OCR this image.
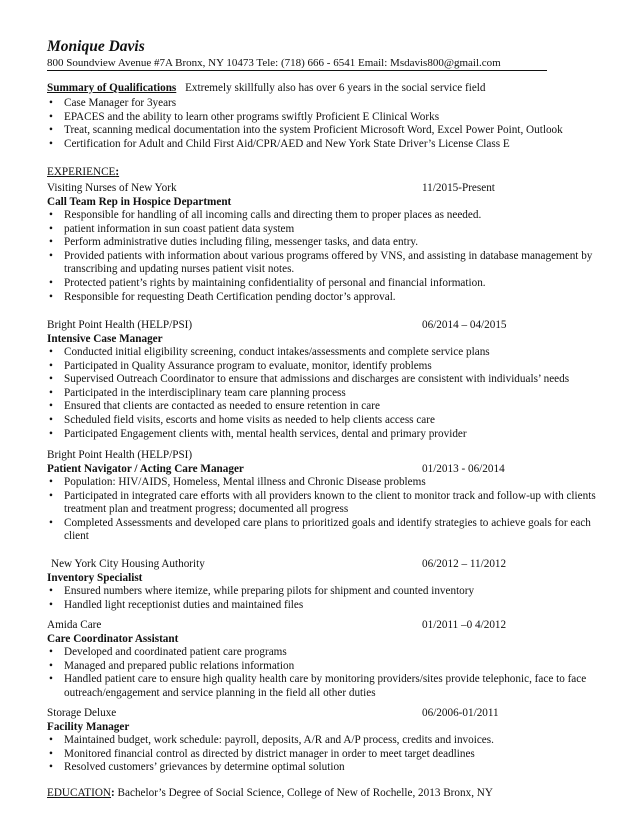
Monique Davis
800 Soundview Avenue #7A Bronx, NY 10473 Tele: (718) 666 - 6541 Email: Msdavis800@gmail.com
Summary of Qualifications Extremely skillfully also has over 6 years in the social service field
• Case Manager for 3years
• EPACES and the ability to learn other programs swiftly Proficient E Clinical Works
• Treat, scanning medical documentation into the system Proficient Microsoft Word, Excel Power Point, Outlook
• Certification for Adult and Child First Aid/CPR/AED and New York State Driver’s License Class E
EXPERIENCE:
Visiting Nurses of New York	11/2015-Present
Call Team Rep in Hospice Department
• Responsible for handling of all incoming calls and directing them to proper places as needed.
• patient information in sun coast patient data system
• Perform administrative duties including filing, messenger tasks, and data entry.
• Provided patients with information about various programs offered by VNS, and assisting in database management by transcribing and updating nurses patient visit notes.
• Protected patient’s rights by maintaining confidentiality of personal and financial information.
• Responsible for requesting Death Certification pending doctor’s approval.
Bright Point Health (HELP/PSI)	06/2014 – 04/2015
Intensive Case Manager
• Conducted initial eligibility screening, conduct intakes/assessments and complete service plans
• Participated in Quality Assurance program to evaluate, monitor, identify problems
• Supervised Outreach Coordinator to ensure that admissions and discharges are consistent with individuals’ needs
• Participated in the interdisciplinary team care planning process
• Ensured that clients are contacted as needed to ensure retention in care
• Scheduled field visits, escorts and home visits as needed to help clients access care
• Participated Engagement clients with, mental health services, dental and primary provider
Bright Point Health (HELP/PSI)
Patient Navigator / Acting Care Manager	01/2013 - 06/2014
• Population: HIV/AIDS, Homeless, Mental illness and Chronic Disease problems
• Participated in integrated care efforts with all providers known to the client to monitor track and follow-up with clients treatment plan and treatment progress; documented all progress
• Completed Assessments and developed care plans to prioritized goals and identify strategies to achieve goals for each client
New York City Housing Authority	06/2012 – 11/2012
Inventory Specialist
• Ensured numbers where itemize, while preparing pilots for shipment and counted inventory
• Handled light receptionist duties and maintained files
Amida Care	01/2011 –0 4/2012
Care Coordinator Assistant
• Developed and coordinated patient care programs
• Managed and prepared public relations information
• Handled patient care to ensure high quality health care by monitoring providers/sites provide telephonic, face to face outreach/engagement and service planning in the field all other duties
Storage Deluxe	06/2006-01/2011
Facility Manager
• Maintained budget, work schedule: payroll, deposits, A/R and A/P process, credits and invoices.
• Monitored financial control as directed by district manager in order to meet target deadlines
• Resolved customers’ grievances by determine optimal solution
EDUCATION: Bachelor’s Degree of Social Science, College of New of Rochelle, 2013 Bronx, NY
